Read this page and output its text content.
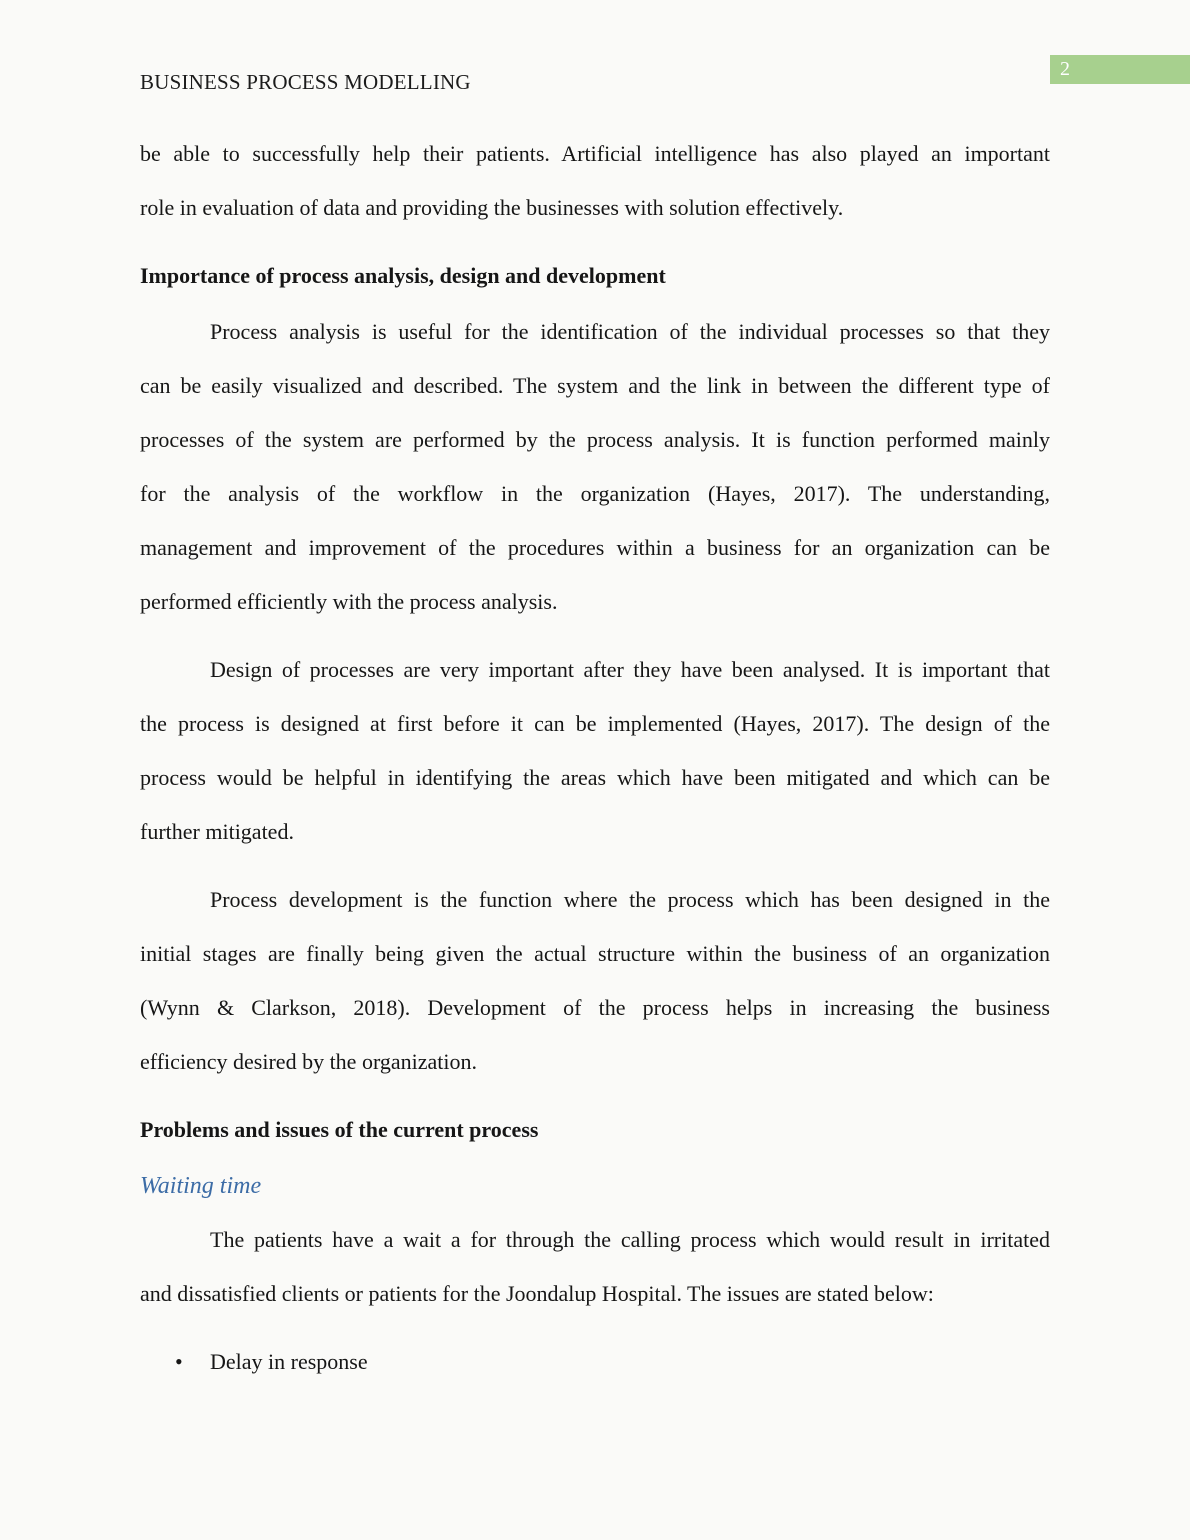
BUSINESS PROCESS MODELLING
2
be able to successfully help their patients. Artificial intelligence has also played an important
role in evaluation of data and providing the businesses with solution effectively.
Importance of process analysis, design and development
Process analysis is useful for the identification of the individual processes so that they
can be easily visualized and described. The system and the link in between the different type of
processes of the system are performed by the process analysis. It is function performed mainly
for the analysis of the workflow in the organization (Hayes, 2017). The understanding,
management and improvement of the procedures within a business for an organization can be
performed efficiently with the process analysis.
Design of processes are very important after they have been analysed. It is important that
the process is designed at first before it can be implemented (Hayes, 2017). The design of the
process would be helpful in identifying the areas which have been mitigated and which can be
further mitigated.
Process development is the function where the process which has been designed in the
initial stages are finally being given the actual structure within the business of an organization
(Wynn & Clarkson, 2018). Development of the process helps in increasing the business
efficiency desired by the organization.
Problems and issues of the current process
Waiting time
The patients have a wait a for through the calling process which would result in irritated
and dissatisfied clients or patients for the Joondalup Hospital. The issues are stated below:
•	Delay in response
